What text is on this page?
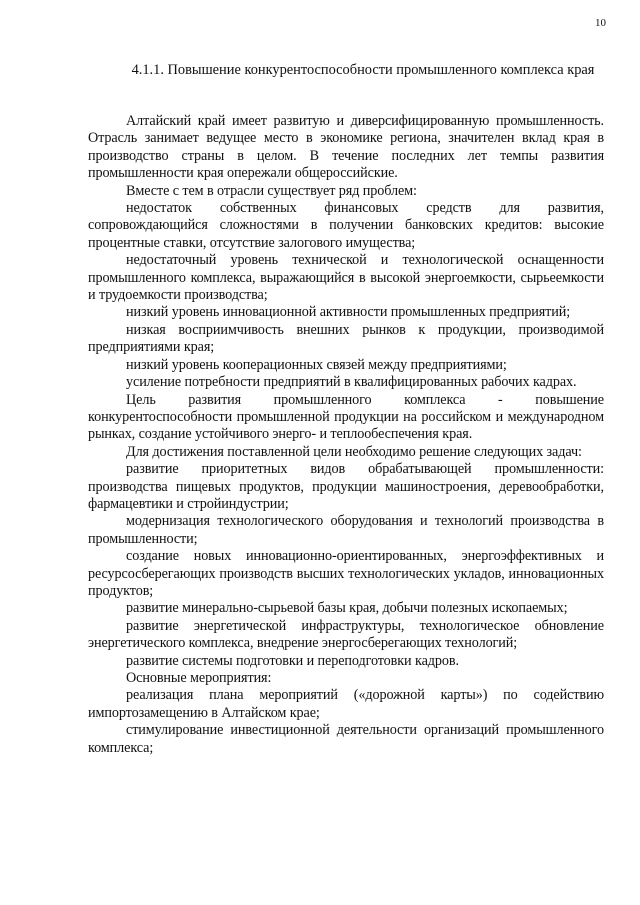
10
4.1.1. Повышение конкурентоспособности промышленного комплекса края

Алтайский край имеет развитую и диверсифицированную промышленность. Отрасль занимает ведущее место в экономике региона, значителен вклад края в производство страны в целом. В течение последних лет темпы развития промышленности края опережали общероссийские.

Вместе с тем в отрасли существует ряд проблем:

недостаток собственных финансовых средств для развития, сопровождающийся сложностями в получении банковских кредитов: высокие процентные ставки, отсутствие залогового имущества;

недостаточный уровень технической и технологической оснащенности промышленного комплекса, выражающийся в высокой энергоемкости, сырьеемкости и трудоемкости производства;

низкий уровень инновационной активности промышленных предприятий;

низкая восприимчивость внешних рынков к продукции, производимой предприятиями края;

низкий уровень кооперационных связей между предприятиями;

усиление потребности предприятий в квалифицированных рабочих кадрах.

Цель развития промышленного комплекса - повышение конкурентоспособности промышленной продукции на российском и международном рынках, создание устойчивого энерго- и теплообеспечения края.

Для достижения поставленной цели необходимо решение следующих задач:

развитие приоритетных видов обрабатывающей промышленности: производства пищевых продуктов, продукции машиностроения, деревообработки, фармацевтики и стройиндустрии;

модернизация технологического оборудования и технологий производства в промышленности;

создание новых инновационно-ориентированных, энергоэффективных и ресурсосберегающих производств высших технологических укладов, инновационных продуктов;

развитие минерально-сырьевой базы края, добычи полезных ископаемых;

развитие энергетической инфраструктуры, технологическое обновление энергетического комплекса, внедрение энергосберегающих технологий;

развитие системы подготовки и переподготовки кадров.

Основные мероприятия:

реализация плана мероприятий («дорожной карты») по содействию импортозамещению в Алтайском крае;

стимулирование инвестиционной деятельности организаций промышленного комплекса;
